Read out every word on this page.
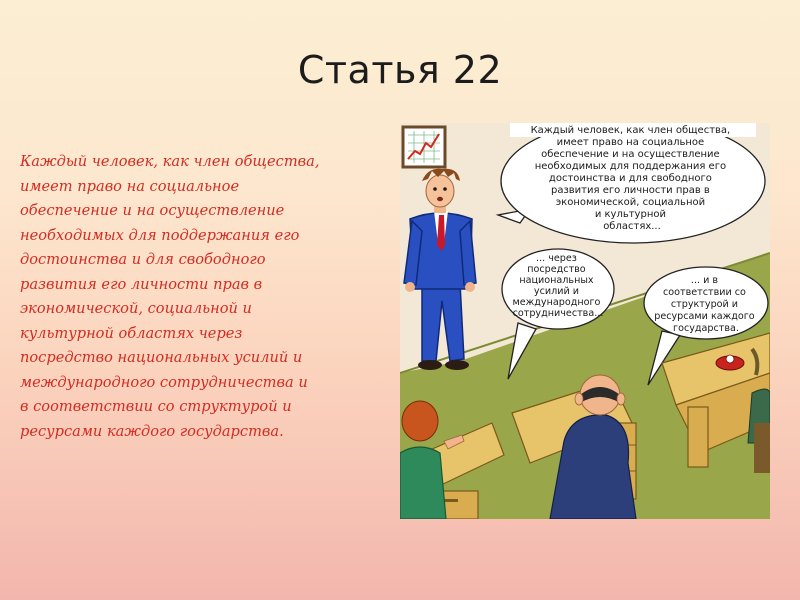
Статья 22
Каждый человек, как член общества,
имеет право на социальное
обеспечение и на осуществление
необходимых для поддержания его
достоинства и для свободного
развития его личности прав в
экономической, социальной и
культурной областях через
посредство национальных усилий и
международного сотрудничества и
в соответствии со структурой и
ресурсами каждого государства.
Каждый человек, как член общества, имеет право на социальное обеспечение и на осуществление необходимых для поддержания его достоинства и для свободного развития его личности прав в экономической, социальной и культурной областях...
... через посредство национальных усилий и международного сотрудничества...
... и в соответствии со структурой и ресурсами каждого государства.
